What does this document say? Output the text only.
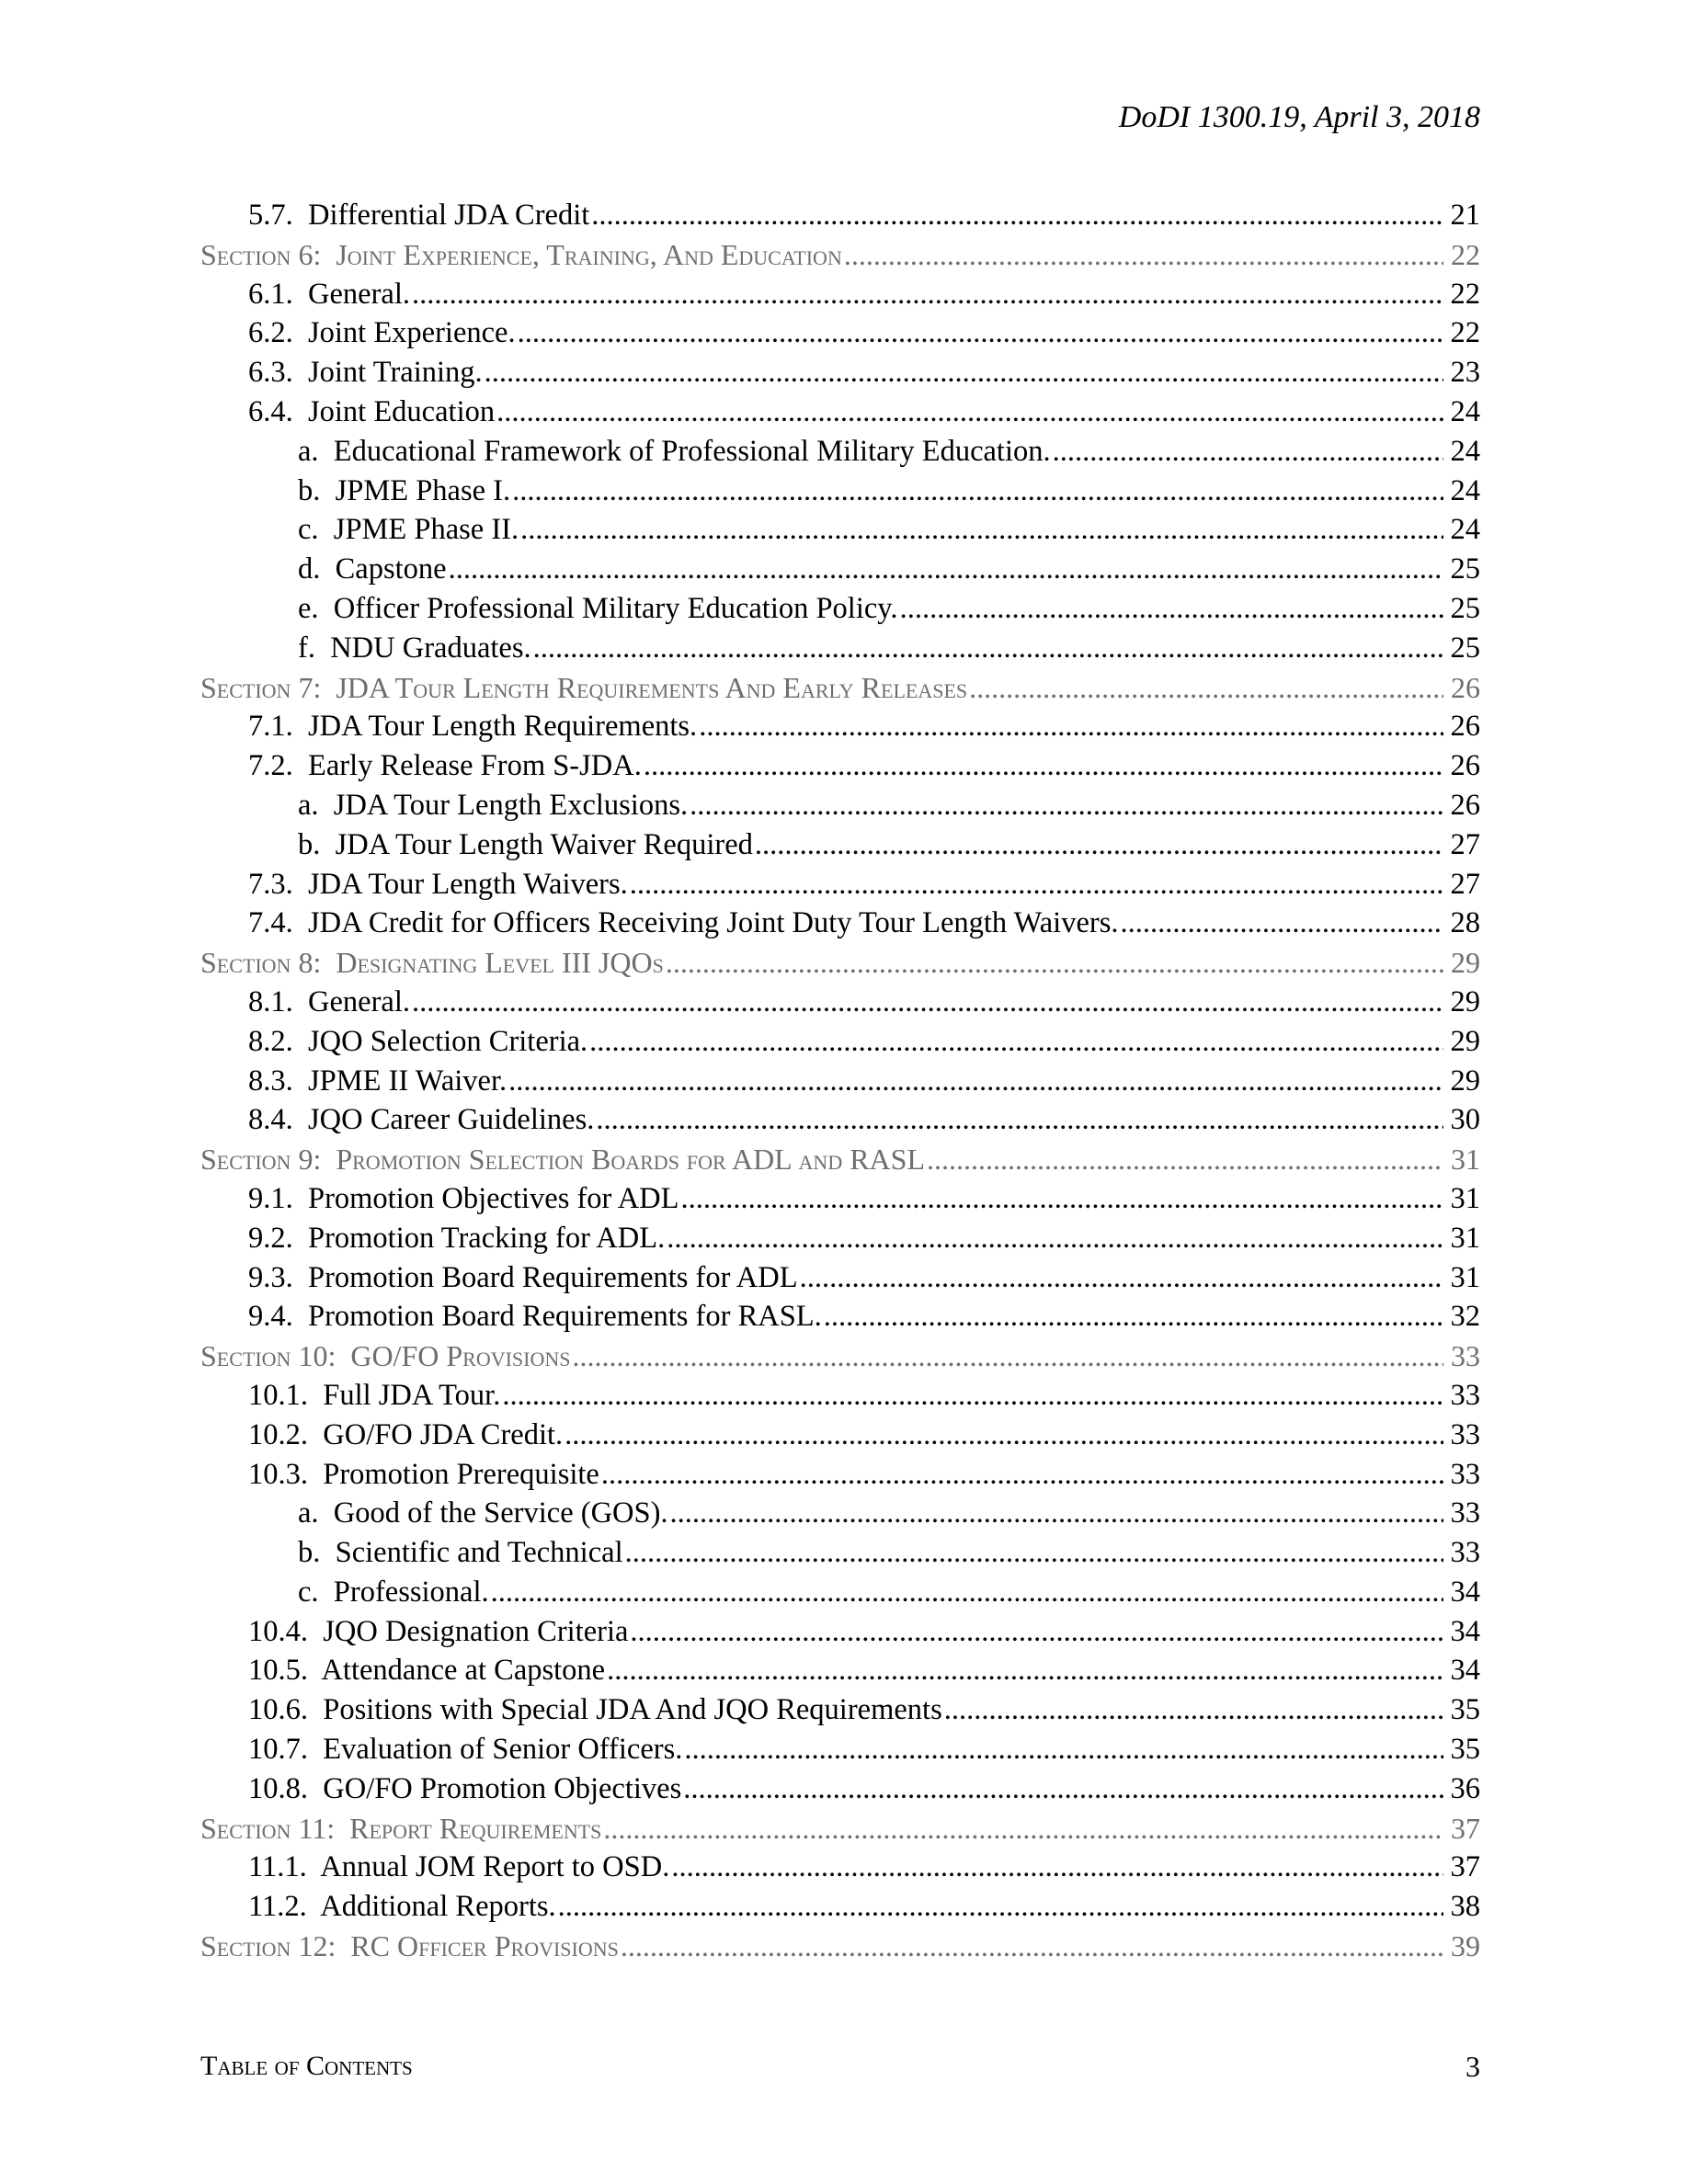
DoDI 1300.19, April 3, 2018
5.7.  Differential JDA Credit .....	21
Section 6:  Joint Experience, Training, And Education .....	22
6.1.  General. .....	22
6.2.  Joint Experience. .....	22
6.3.  Joint Training. .....	23
6.4.  Joint Education .....	24
a.  Educational Framework of Professional Military Education. .....	24
b.  JPME Phase I. .....	24
c.  JPME Phase II. .....	24
d.  Capstone .....	25
e.  Officer Professional Military Education Policy. .....	25
f.  NDU Graduates. .....	25
Section 7:  JDA Tour Length Requirements And Early Releases .....	26
7.1.  JDA Tour Length Requirements. .....	26
7.2.  Early Release From S-JDA. .....	26
a.  JDA Tour Length Exclusions. .....	26
b.  JDA Tour Length Waiver Required .....	27
7.3.  JDA Tour Length Waivers. .....	27
7.4.  JDA Credit for Officers Receiving Joint Duty Tour Length Waivers. .....	28
Section 8:  Designating Level III JQOs .....	29
8.1.  General. .....	29
8.2.  JQO Selection Criteria. .....	29
8.3.  JPME II Waiver. .....	29
8.4.  JQO Career Guidelines. .....	30
Section 9:  Promotion Selection Boards for ADL and RASL .....	31
9.1.  Promotion Objectives for ADL .....	31
9.2.  Promotion Tracking for ADL. .....	31
9.3.  Promotion Board Requirements for ADL .....	31
9.4.  Promotion Board Requirements for RASL. .....	32
Section 10:  GO/FO Provisions .....	33
10.1.  Full JDA Tour. .....	33
10.2.  GO/FO JDA Credit. .....	33
10.3.  Promotion Prerequisite .....	33
a.  Good of the Service (GOS). .....	33
b.  Scientific and Technical .....	33
c.  Professional. .....	34
10.4.  JQO Designation Criteria .....	34
10.5.  Attendance at Capstone .....	34
10.6.  Positions with Special JDA And JQO Requirements .....	35
10.7.  Evaluation of Senior Officers. .....	35
10.8.  GO/FO Promotion Objectives .....	36
Section 11:  Report Requirements .....	37
11.1.  Annual JOM Report to OSD. .....	37
11.2.  Additional Reports. .....	38
Section 12:  RC Officer Provisions .....	39
Table of Contents	3
